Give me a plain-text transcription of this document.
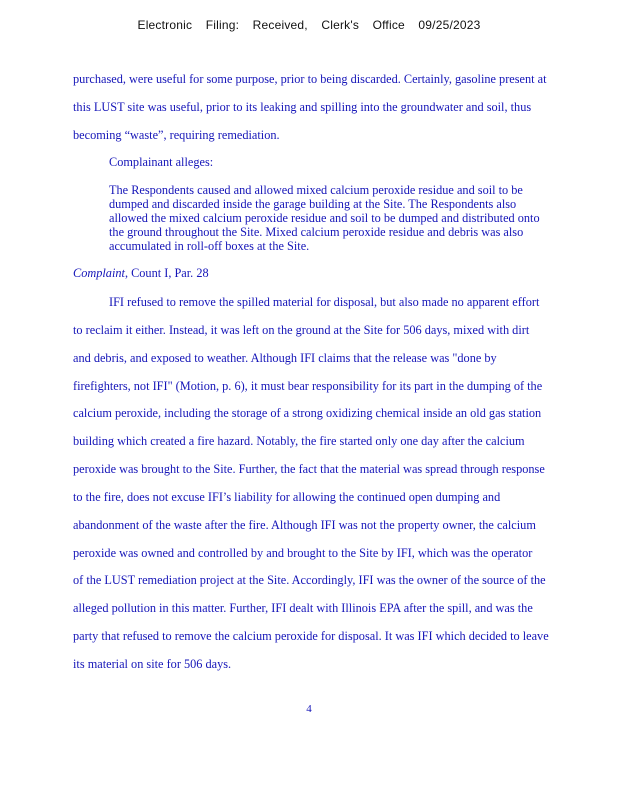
Electronic Filing: Received, Clerk's Office 09/25/2023
purchased, were useful for some purpose, prior to being discarded. Certainly, gasoline present at
this LUST site was useful, prior to its leaking and spilling into the groundwater and soil, thus
becoming “waste”, requiring remediation.
Complainant alleges:
The Respondents caused and allowed mixed calcium peroxide residue and soil to be
dumped and discarded inside the garage building at the Site. The Respondents also
allowed the mixed calcium peroxide residue and soil to be dumped and distributed onto
the ground throughout the Site. Mixed calcium peroxide residue and debris was also
accumulated in roll-off boxes at the Site.
Complaint, Count I, Par. 28
IFI refused to remove the spilled material for disposal, but also made no apparent effort
to reclaim it either. Instead, it was left on the ground at the Site for 506 days, mixed with dirt
and debris, and exposed to weather. Although IFI claims that the release was "done by
firefighters, not IFI" (Motion, p. 6), it must bear responsibility for its part in the dumping of the
calcium peroxide, including the storage of a strong oxidizing chemical inside an old gas station
building which created a fire hazard. Notably, the fire started only one day after the calcium
peroxide was brought to the Site. Further, the fact that the material was spread through response
to the fire, does not excuse IFI’s liability for allowing the continued open dumping and
abandonment of the waste after the fire. Although IFI was not the property owner, the calcium
peroxide was owned and controlled by and brought to the Site by IFI, which was the operator
of the LUST remediation project at the Site. Accordingly, IFI was the owner of the source of the
alleged pollution in this matter. Further, IFI dealt with Illinois EPA after the spill, and was the
party that refused to remove the calcium peroxide for disposal. It was IFI which decided to leave
its material on site for 506 days.
4
